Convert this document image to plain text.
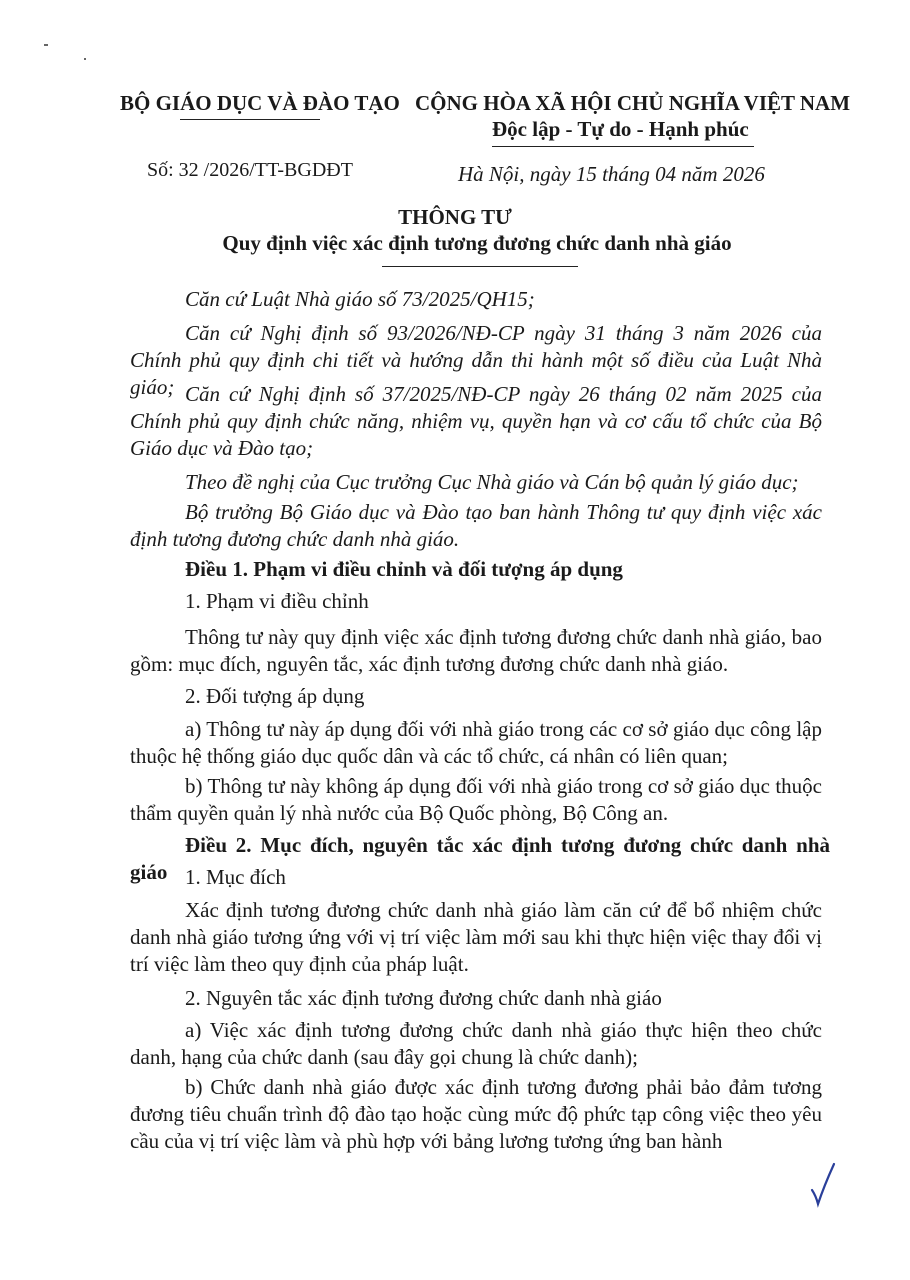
BỘ GIÁO DỤC VÀ ĐÀO TẠO CỘNG HÒA XÃ HỘI CHỦ NGHĨA VIỆT NAM
Độc lập - Tự do - Hạnh phúc
Số: 32 /2026/TT-BGDĐT	Hà Nội, ngày 15 tháng 04 năm 2026
THÔNG TƯ
Quy định việc xác định tương đương chức danh nhà giáo
Căn cứ Luật Nhà giáo số 73/2025/QH15;
Căn cứ Nghị định số 93/2026/NĐ-CP ngày 31 tháng 3 năm 2026 của Chính phủ quy định chi tiết và hướng dẫn thi hành một số điều của Luật Nhà giáo; Căn cứ Nghị định số 37/2025/NĐ-CP ngày 26 tháng 02 năm 2025 của Chính phủ quy định chức năng, nhiệm vụ, quyền hạn và cơ cấu tổ chức của Bộ Giáo dục và Đào tạo;
Theo đề nghị của Cục trưởng Cục Nhà giáo và Cán bộ quản lý giáo dục;
Bộ trưởng Bộ Giáo dục và Đào tạo ban hành Thông tư quy định việc xác định tương đương chức danh nhà giáo.
Điều 1. Phạm vi điều chỉnh và đối tượng áp dụng
1. Phạm vi điều chỉnh
Thông tư này quy định việc xác định tương đương chức danh nhà giáo, bao gồm: mục đích, nguyên tắc, xác định tương đương chức danh nhà giáo.
2. Đối tượng áp dụng
a) Thông tư này áp dụng đối với nhà giáo trong các cơ sở giáo dục công lập thuộc hệ thống giáo dục quốc dân và các tổ chức, cá nhân có liên quan;
b) Thông tư này không áp dụng đối với nhà giáo trong cơ sở giáo dục thuộc thẩm quyền quản lý nhà nước của Bộ Quốc phòng, Bộ Công an.
Điều 2. Mục đích, nguyên tắc xác định tương đương chức danh nhà giáo 1. Mục đích
Xác định tương đương chức danh nhà giáo làm căn cứ để bổ nhiệm chức danh nhà giáo tương ứng với vị trí việc làm mới sau khi thực hiện việc thay đổi vị trí việc làm theo quy định của pháp luật.
2. Nguyên tắc xác định tương đương chức danh nhà giáo
a) Việc xác định tương đương chức danh nhà giáo thực hiện theo chức danh, hạng của chức danh (sau đây gọi chung là chức danh);
b) Chức danh nhà giáo được xác định tương đương phải bảo đảm tương đương tiêu chuẩn trình độ đào tạo hoặc cùng mức độ phức tạp công việc theo yêu cầu của vị trí việc làm và phù hợp với bảng lương tương ứng ban hành
